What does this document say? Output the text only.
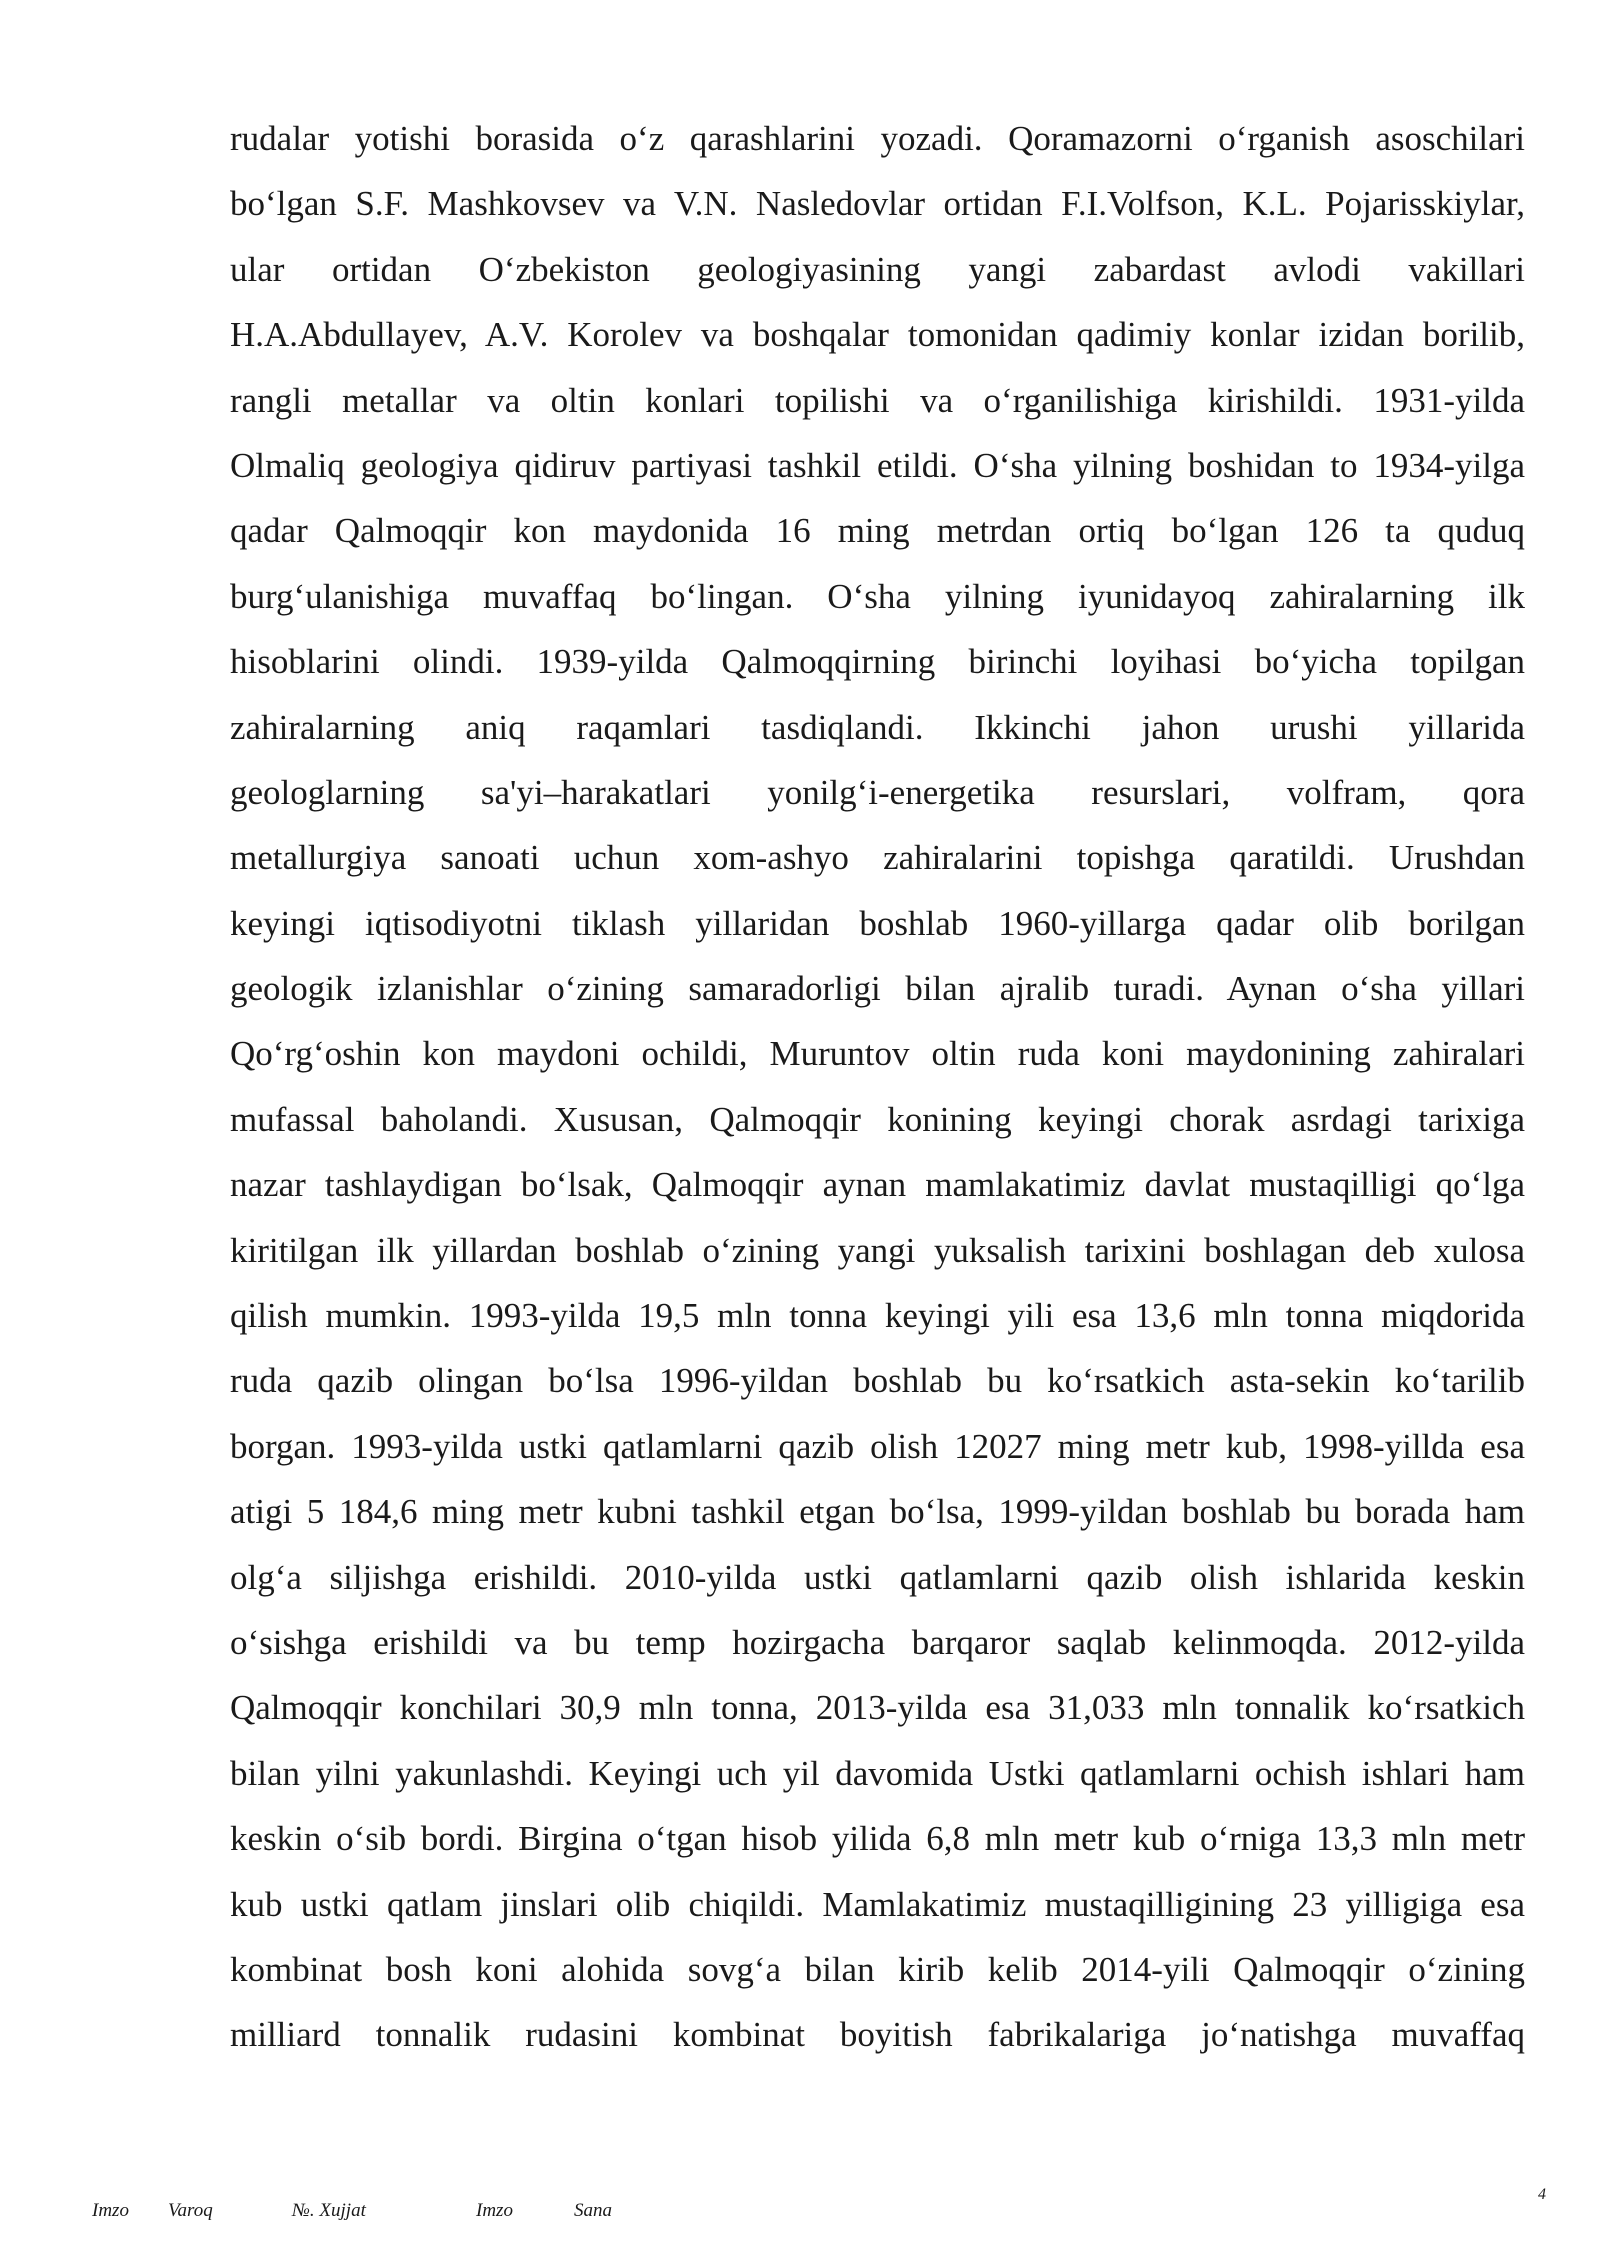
rudalar yotishi borasida o‘z qarashlarini yozadi. Qoramazorni o‘rganish asoschilari
bo‘lgan S.F. Mashkovsev va V.N. Nasledovlar ortidan F.I.Volfson, K.L. Pojarisskiylar,
ular ortidan O‘zbekiston geologiyasining yangi zabardast avlodi vakillari
H.A.Abdullayev, A.V. Korolev va boshqalar tomonidan qadimiy konlar izidan borilib,
rangli metallar va oltin konlari topilishi va o‘rganilishiga kirishildi. 1931-yilda
Olmaliq geologiya qidiruv partiyasi tashkil etildi. O‘sha yilning boshidan to 1934-yilga
qadar Qalmoqqir kon maydonida 16 ming metrdan ortiq bo‘lgan 126 ta quduq
burg‘ulanishiga muvaffaq bo‘lingan. O‘sha yilning iyunidayoq zahiralarning ilk
hisoblarini olindi. 1939-yilda Qalmoqqirning birinchi loyihasi bo‘yicha topilgan
zahiralarning aniq raqamlari tasdiqlandi. Ikkinchi jahon urushi yillarida
geologlarning sa'yi–harakatlari yonilg‘i-energetika resurslari, volfram, qora
metallurgiya sanoati uchun xom-ashyo zahiralarini topishga qaratildi. Urushdan
keyingi iqtisodiyotni tiklash yillaridan boshlab 1960-yillarga qadar olib borilgan
geologik izlanishlar o‘zining samaradorligi bilan ajralib turadi. Aynan o‘sha yillari
Qo‘rg‘oshin kon maydoni ochildi, Muruntov oltin ruda koni maydonining zahiralari
mufassal baholandi. Xususan, Qalmoqqir konining keyingi chorak asrdagi tarixiga
nazar tashlaydigan bo‘lsak, Qalmoqqir aynan mamlakatimiz davlat mustaqilligi qo‘lga
kiritilgan ilk yillardan boshlab o‘zining yangi yuksalish tarixini boshlagan deb xulosa
qilish mumkin. 1993-yilda 19,5 mln tonna keyingi yili esa 13,6 mln tonna miqdorida
ruda qazib olingan bo‘lsa 1996-yildan boshlab bu ko‘rsatkich asta-sekin ko‘tarilib
borgan. 1993-yilda ustki qatlamlarni qazib olish 12027 ming metr kub, 1998-yillda esa
atigi 5 184,6 ming metr kubni tashkil etgan bo‘lsa, 1999-yildan boshlab bu borada ham
olg‘a siljishga erishildi. 2010-yilda ustki qatlamlarni qazib olish ishlarida keskin
o‘sishga erishildi va bu temp hozirgacha barqaror saqlab kelinmoqda. 2012-yilda
Qalmoqqir konchilari 30,9 mln tonna, 2013-yilda esa 31,033 mln tonnalik ko‘rsatkich
bilan yilni yakunlashdi. Keyingi uch yil davomida Ustki qatlamlarni ochish ishlari ham
keskin o‘sib bordi. Birgina o‘tgan hisob yilida 6,8 mln metr kub o‘rniga 13,3 mln metr
kub ustki qatlam jinslari olib chiqildi. Mamlakatimiz mustaqilligining 23 yilligiga esa
kombinat bosh koni alohida sovg‘a bilan kirib kelib 2014-yili Qalmoqqir o‘zining
milliard tonnalik rudasini kombinat boyitish fabrikalariga jo‘natishga muvaffaq
Imzo Varoq	№. Xujjat	Imzo	Sana
4
